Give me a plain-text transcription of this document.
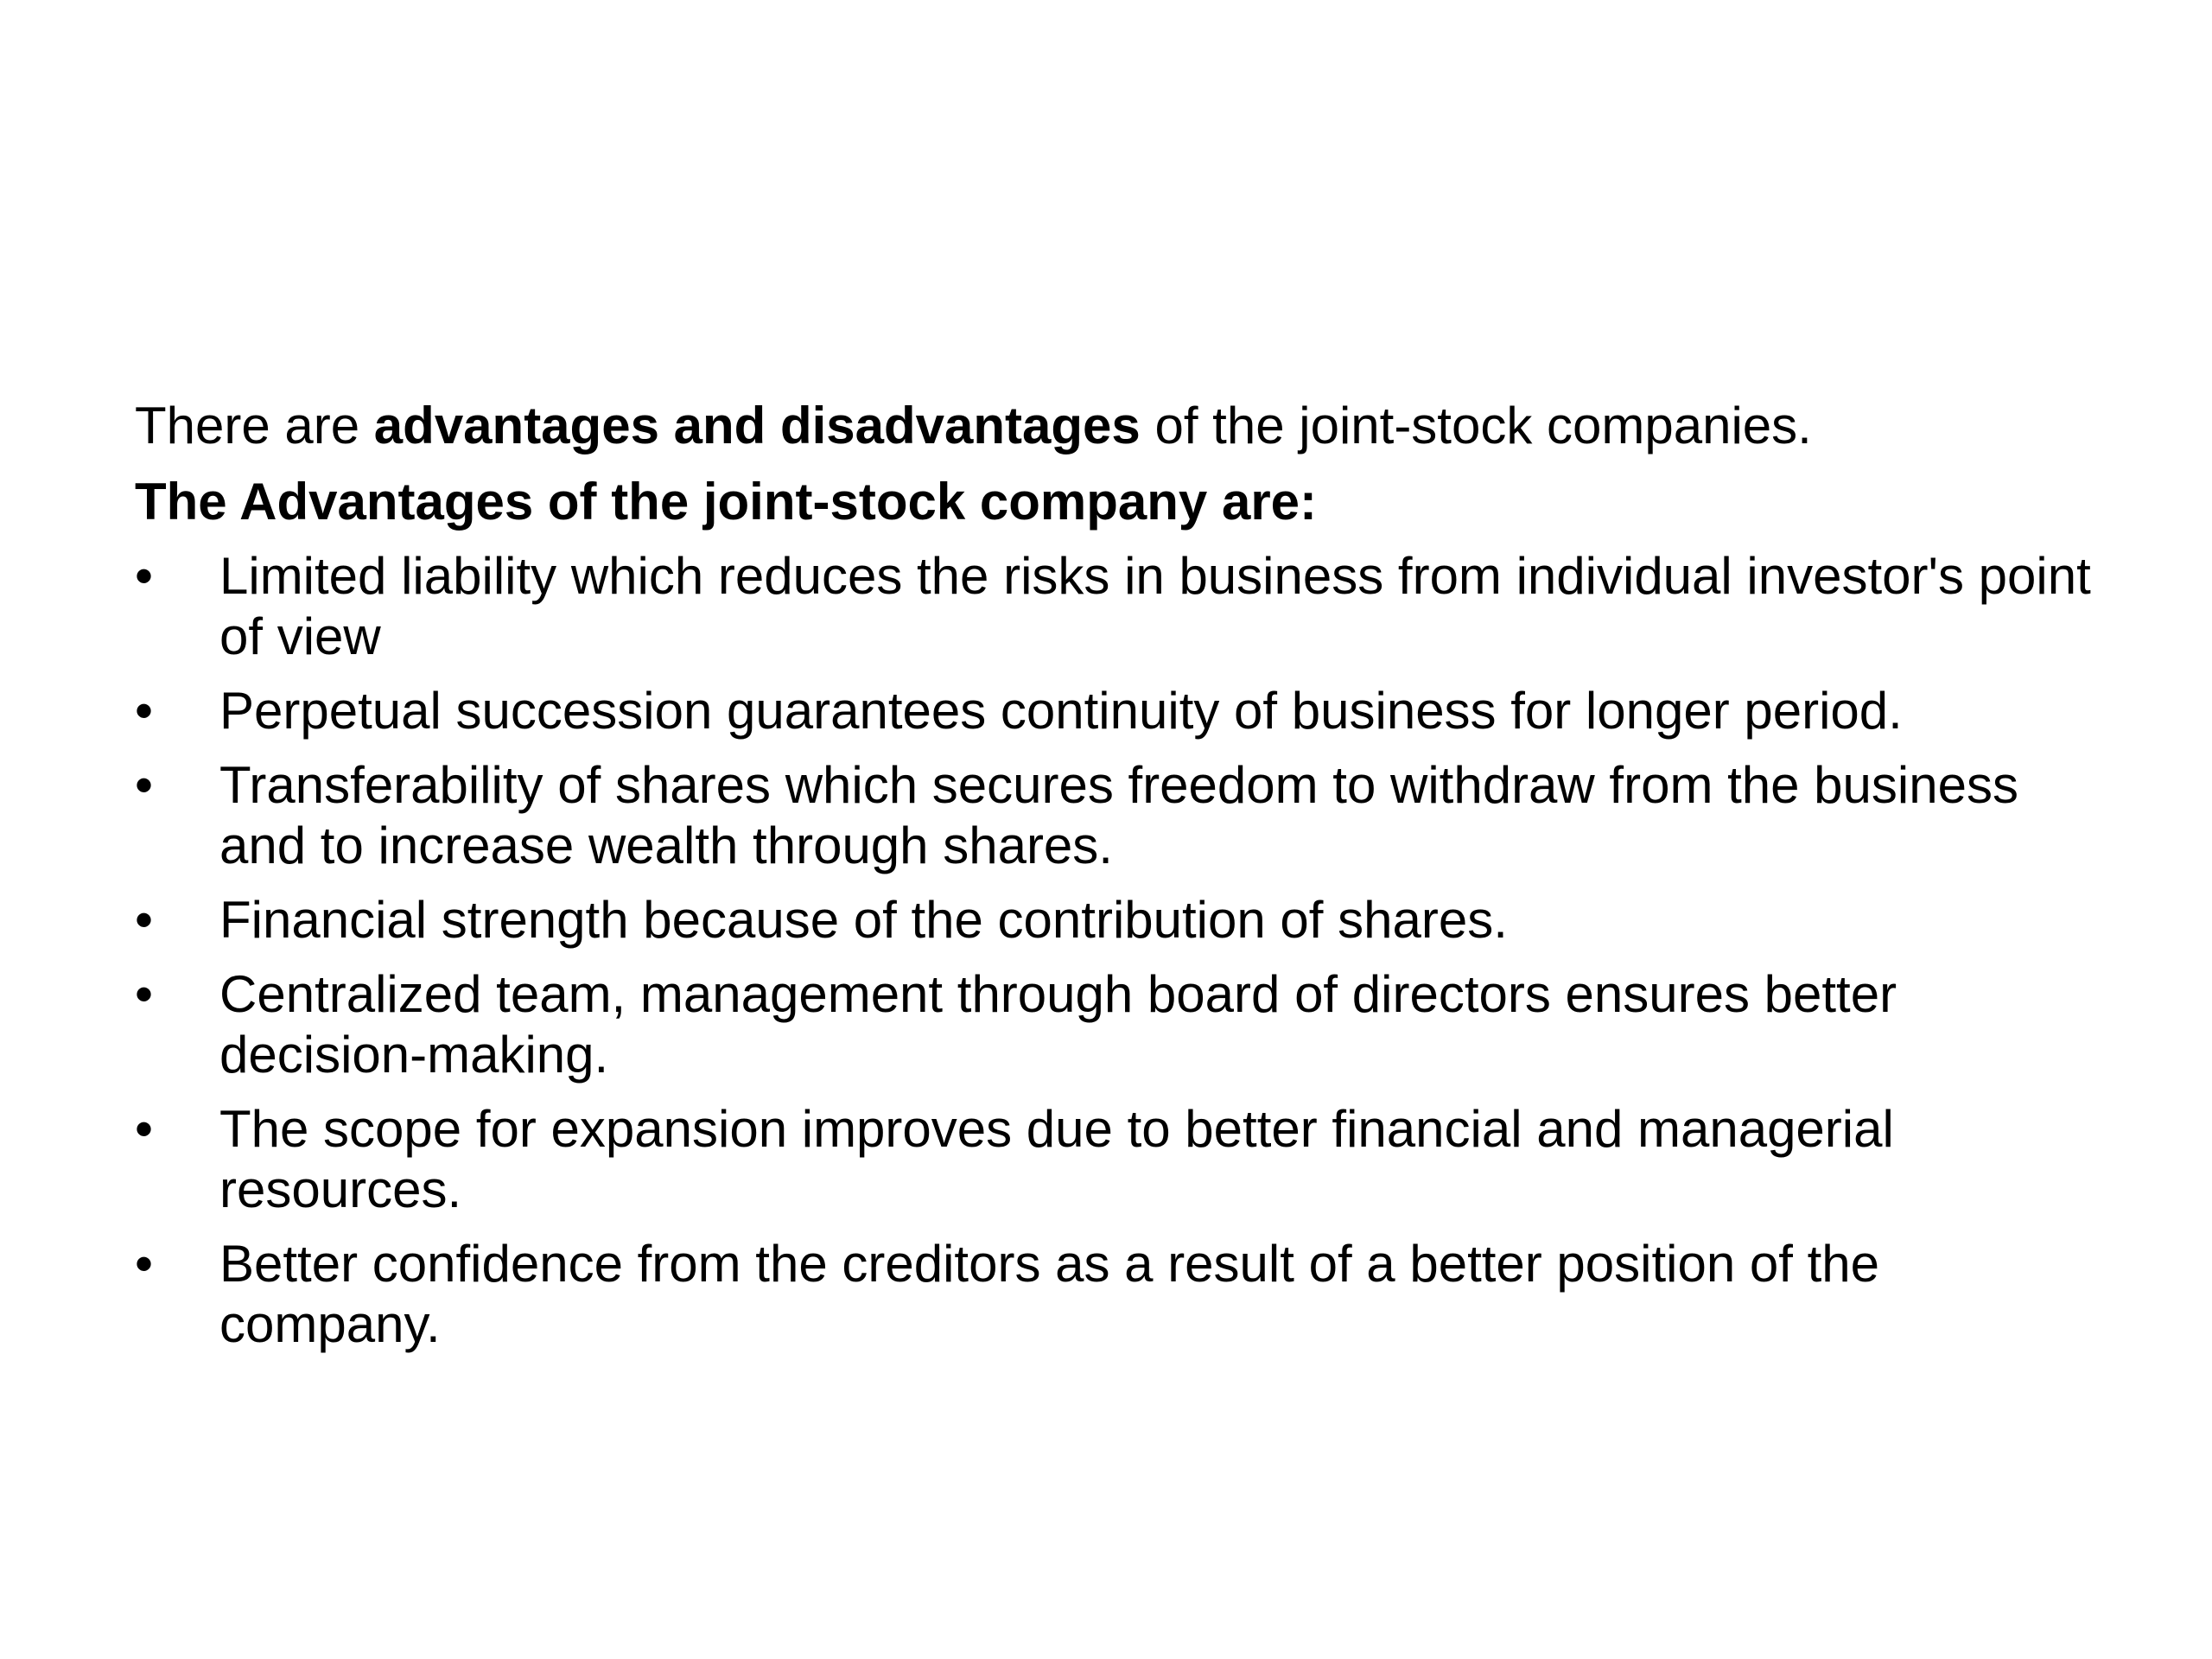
There are advantages and disadvantages of the joint-stock companies.

The Advantages of the joint-stock company are:

•	Limited liability which reduces the risks in business from individual investor's point of view
•	Perpetual succession guarantees continuity of business for longer period.
•	Transferability of shares which secures freedom to withdraw from the business and to increase wealth through shares.
•	Financial strength because of the contribution of shares.
•	Centralized team, management through board of directors ensures better decision-making.
•	The scope for expansion improves due to better financial and managerial resources.
•	Better confidence from the creditors as a result of a better position of the company.
